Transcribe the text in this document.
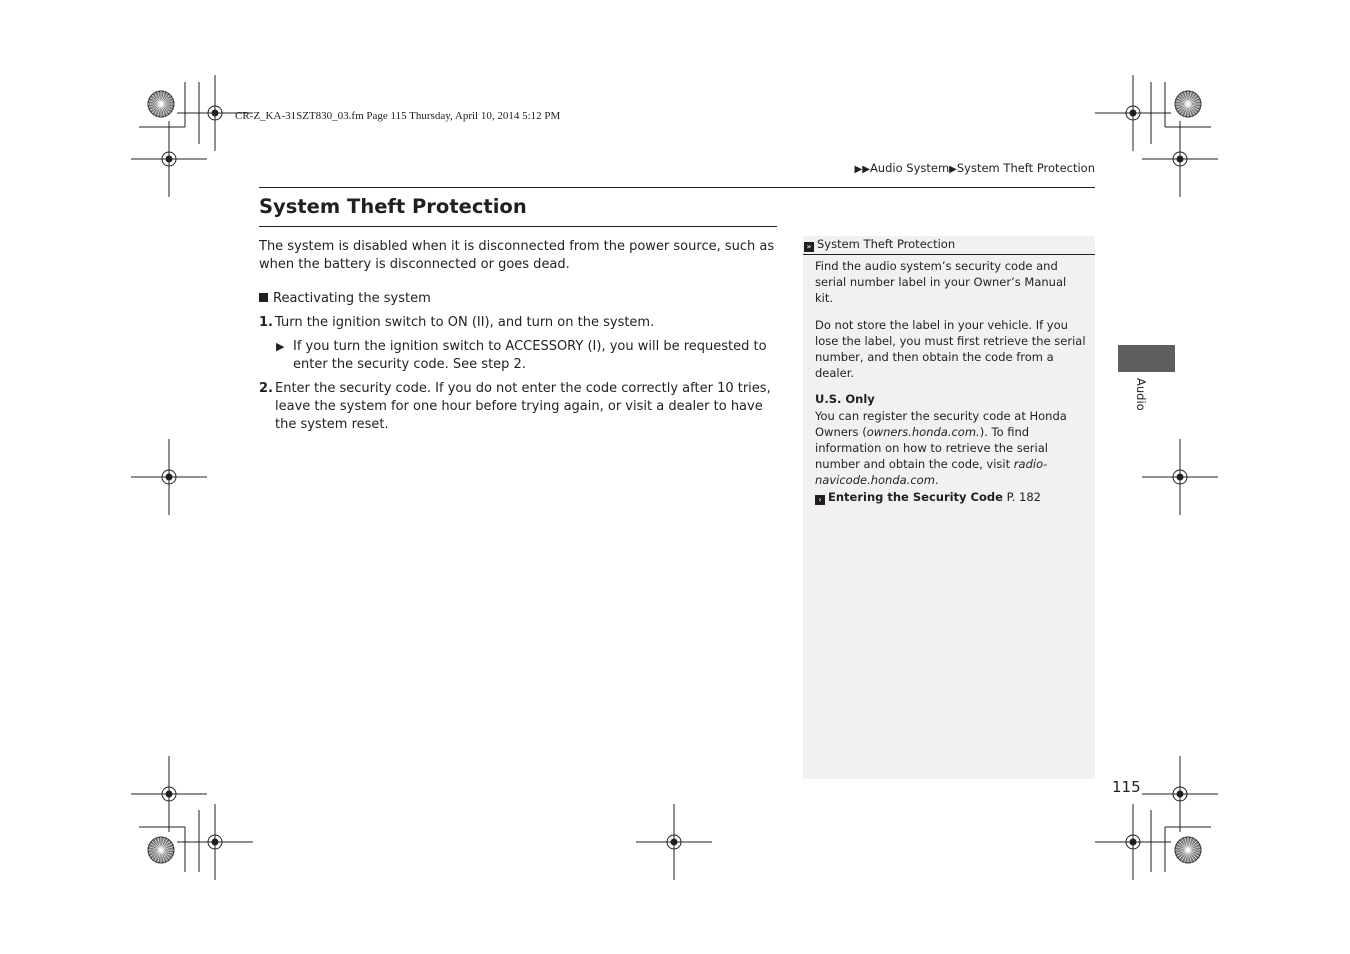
CR-Z_KA-31SZT830_03.fm Page 115 Thursday, April 10, 2014 5:12 PM
▶▶Audio System▶System Theft Protection
System Theft Protection

The system is disabled when it is disconnected from the power source, such as when the battery is disconnected or goes dead.

Reactivating the system

1. Turn the ignition switch to ON (II), and turn on the system.
▶ If you turn the ignition switch to ACCESSORY (I), you will be requested to enter the security code. See step 2.
2. Enter the security code. If you do not enter the code correctly after 10 tries, leave the system for one hour before trying again, or visit a dealer to have the system reset.
» System Theft Protection

Find the audio system’s security code and serial number label in your Owner’s Manual kit.

Do not store the label in your vehicle. If you lose the label, you must first retrieve the serial number, and then obtain the code from a dealer.

U.S. Only
You can register the security code at Honda Owners (owners.honda.com.). To find information on how to retrieve the serial number and obtain the code, visit radio-navicode.honda.com.
› Entering the Security Code P. 182
Audio
115
